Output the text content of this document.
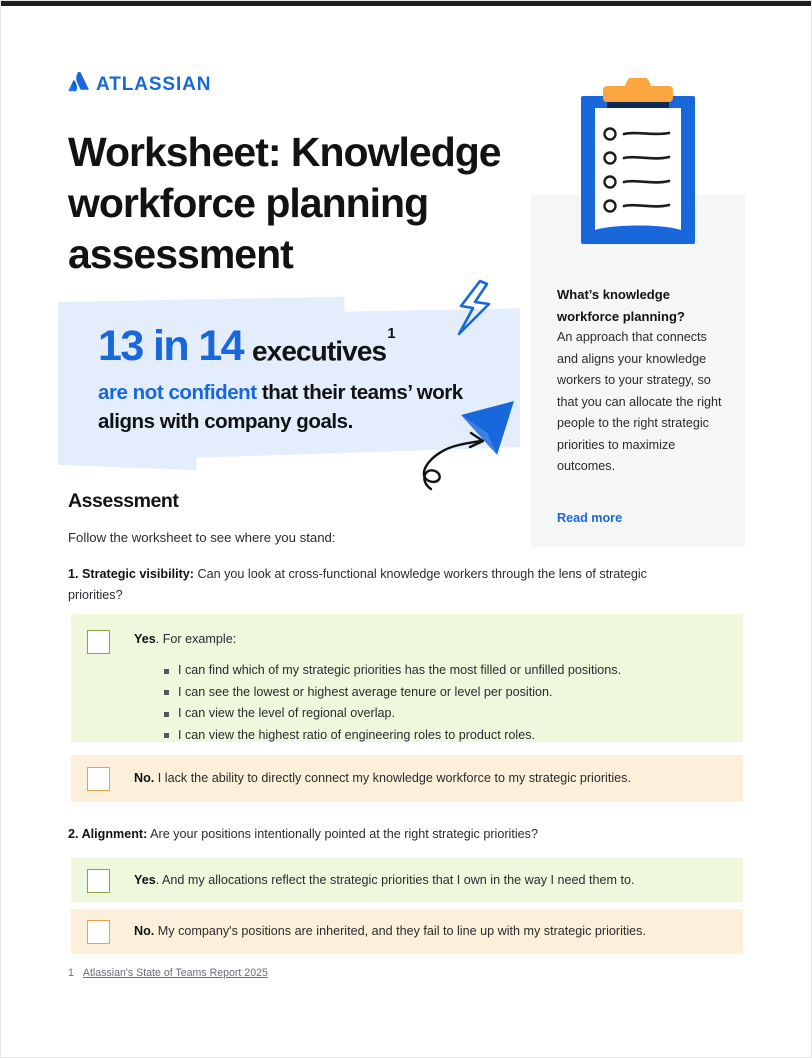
ATLASSIAN
Worksheet: Knowledge workforce planning assessment
13 in 14 executives$^1$

are not confident that their teams’ work aligns with company goals.

What’s knowledge workforce planning?

An approach that connects and aligns your knowledge workers to your strategy, so that you can allocate the right people to the right strategic priorities to maximize outcomes.

Read more
Assessment

Follow the worksheet to see where you stand:

1. Strategic visibility: Can you look at cross-functional knowledge workers through the lens of strategic priorities?

Yes. For example:

I can find which of my strategic priorities has the most filled or unfilled positions.
I can see the lowest or highest average tenure or level per position.
I can view the level of regional overlap.
I can view the highest ratio of engineering roles to product roles.

No. I lack the ability to directly connect my knowledge workforce to my strategic priorities.

2. Alignment: Are your positions intentionally pointed at the right strategic priorities?

Yes. And my allocations reflect the strategic priorities that I own in the way I need them to.

No. My company's positions are inherited, and they fail to line up with my strategic priorities.

1 Atlassian's State of Teams Report 2025
